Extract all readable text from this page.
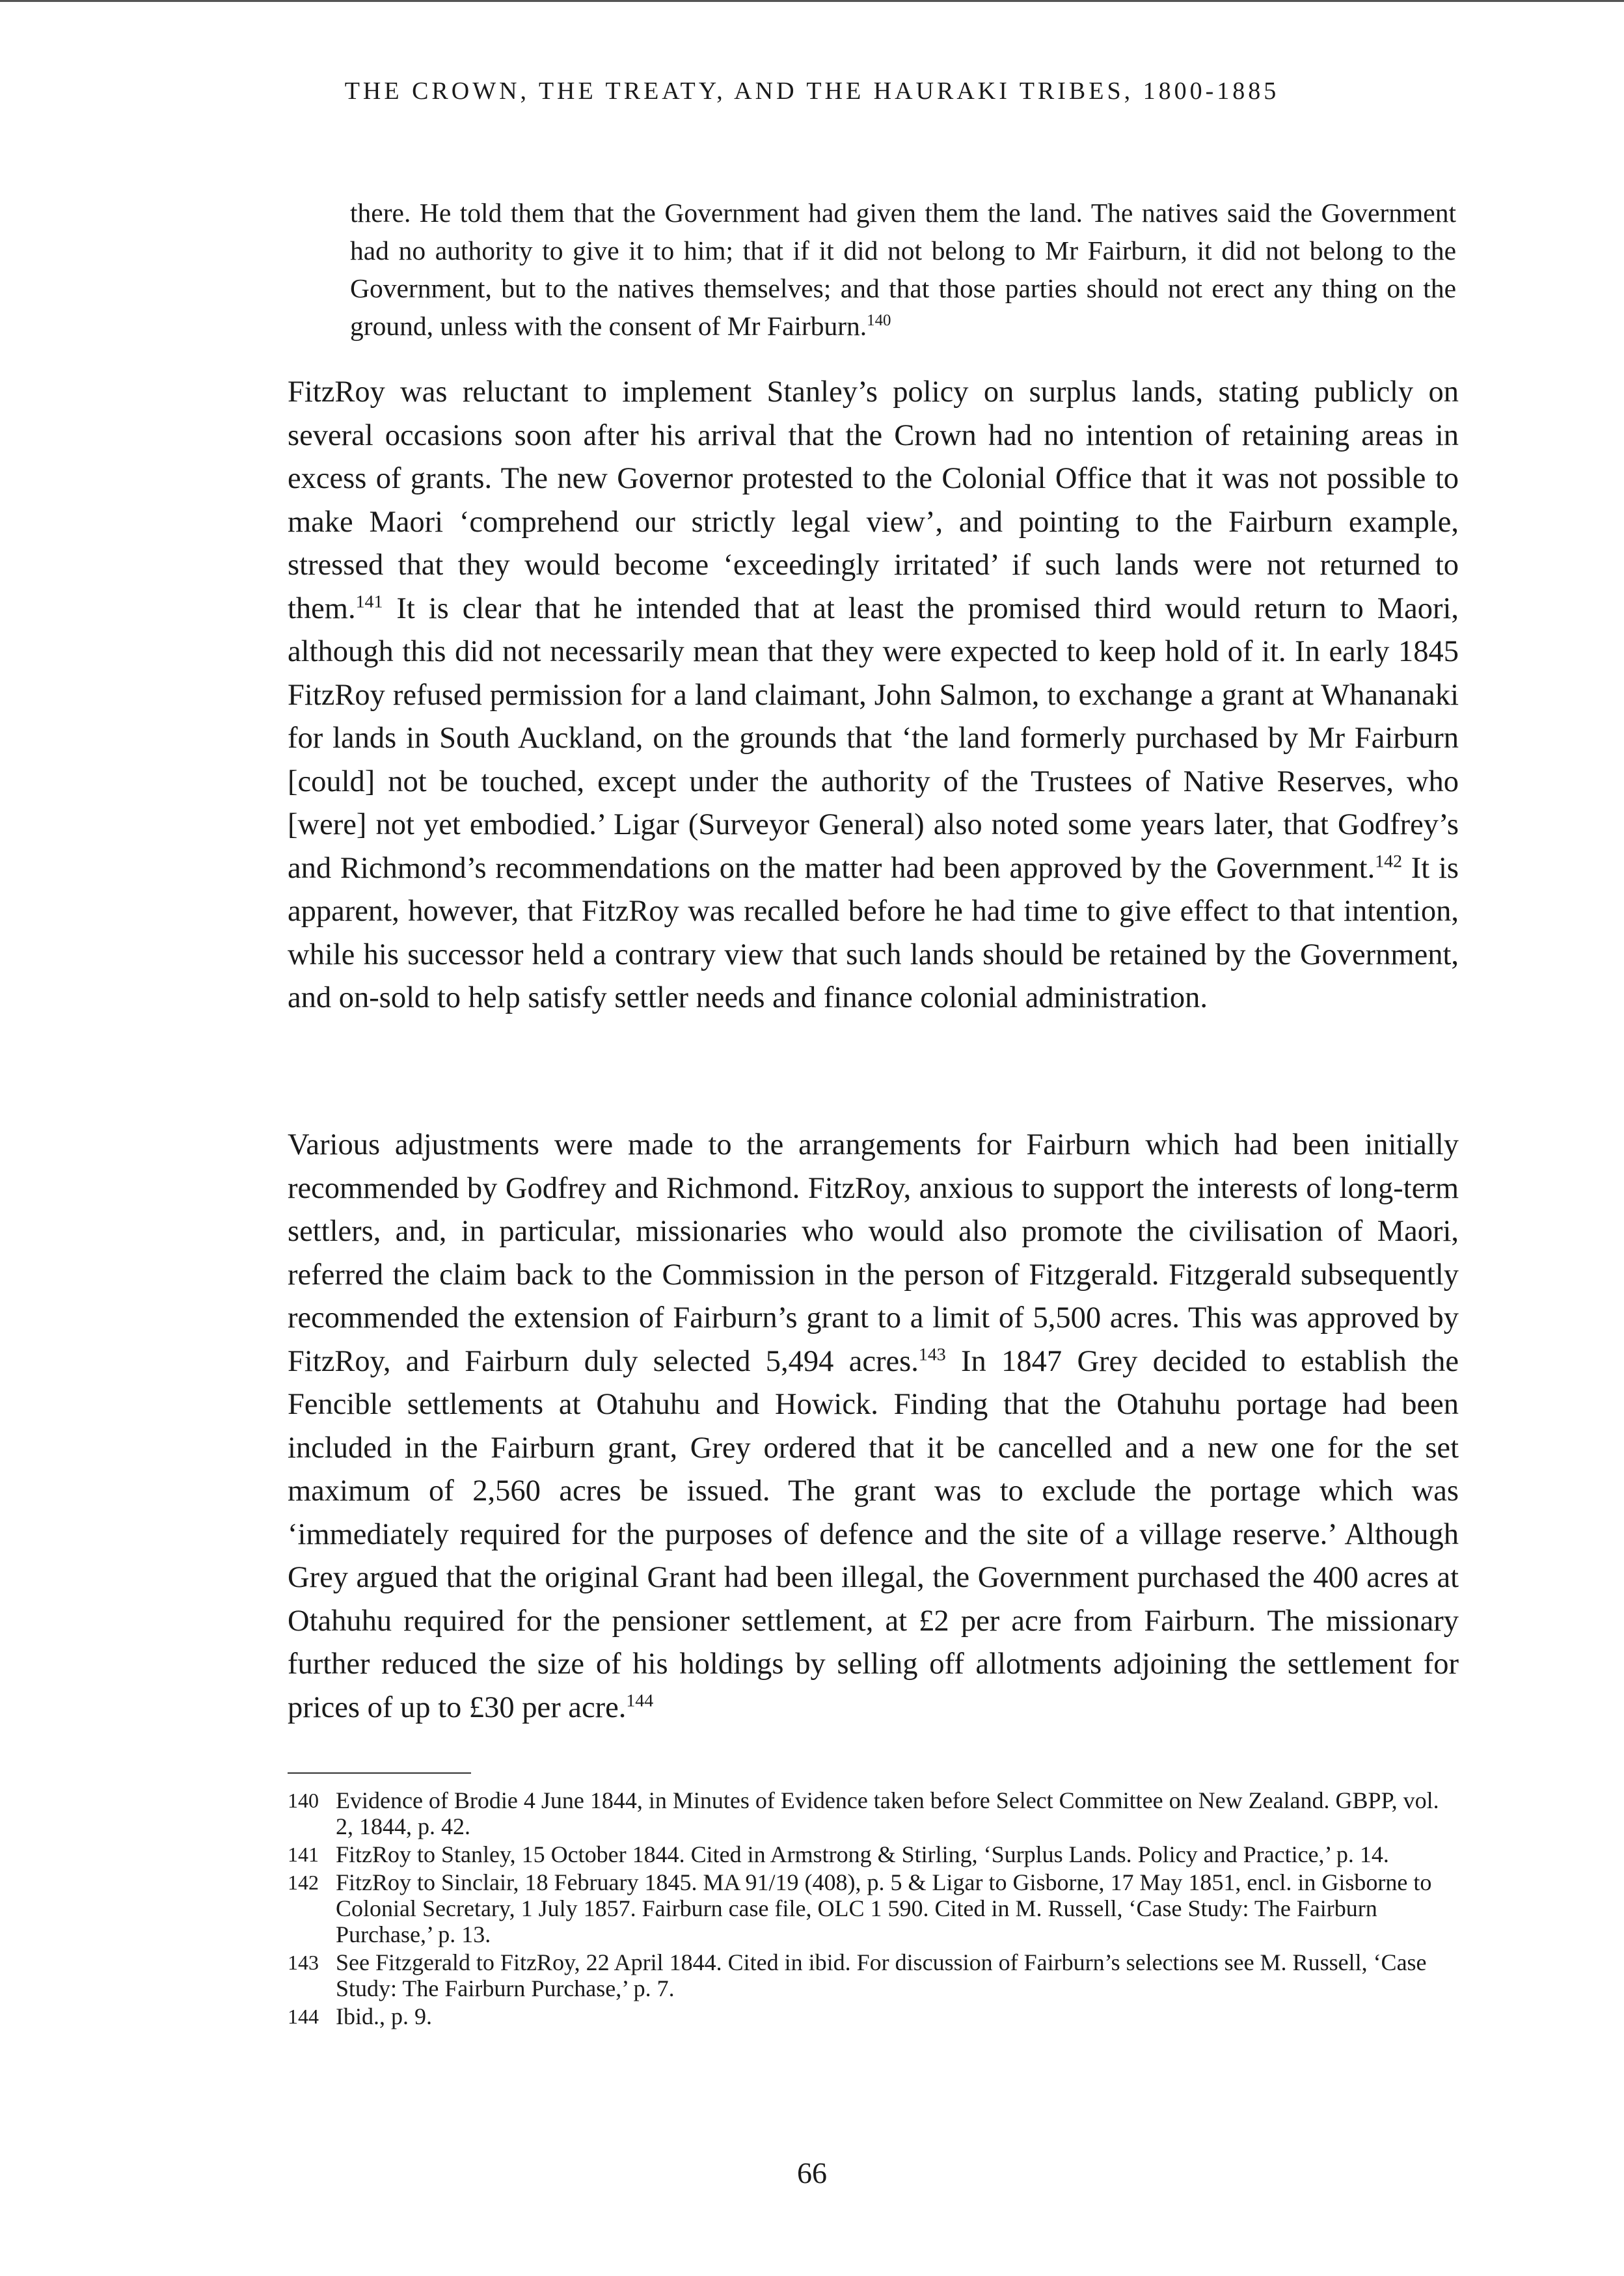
THE CROWN, THE TREATY, AND THE HAURAKI TRIBES, 1800-1885
there. He told them that the Government had given them the land. The natives said the Government had no authority to give it to him; that if it did not belong to Mr Fairburn, it did not belong to the Government, but to the natives themselves; and that those parties should not erect any thing on the ground, unless with the consent of Mr Fairburn.$^{140}$
FitzRoy was reluctant to implement Stanley’s policy on surplus lands, stating publicly on several occasions soon after his arrival that the Crown had no intention of retaining areas in excess of grants. The new Governor protested to the Colonial Office that it was not possible to make Maori ‘comprehend our strictly legal view’, and pointing to the Fairburn example, stressed that they would become ‘exceedingly irritated’ if such lands were not returned to them.$^{141}$ It is clear that he intended that at least the promised third would return to Maori, although this did not necessarily mean that they were expected to keep hold of it. In early 1845 FitzRoy refused permission for a land claimant, John Salmon, to exchange a grant at Whananaki for lands in South Auckland, on the grounds that ‘the land formerly purchased by Mr Fairburn [could] not be touched, except under the authority of the Trustees of Native Reserves, who [were] not yet embodied.’ Ligar (Surveyor General) also noted some years later, that Godfrey’s and Richmond’s recommendations on the matter had been approved by the Government.$^{142}$ It is apparent, however, that FitzRoy was recalled before he had time to give effect to that intention, while his successor held a contrary view that such lands should be retained by the Government, and on-sold to help satisfy settler needs and finance colonial administration.
Various adjustments were made to the arrangements for Fairburn which had been initially recommended by Godfrey and Richmond. FitzRoy, anxious to support the interests of long-term settlers, and, in particular, missionaries who would also promote the civilisation of Maori, referred the claim back to the Commission in the person of Fitzgerald. Fitzgerald subsequently recommended the extension of Fairburn’s grant to a limit of 5,500 acres. This was approved by FitzRoy, and Fairburn duly selected 5,494 acres.$^{143}$ In 1847 Grey decided to establish the Fencible settlements at Otahuhu and Howick. Finding that the Otahuhu portage had been included in the Fairburn grant, Grey ordered that it be cancelled and a new one for the set maximum of 2,560 acres be issued. The grant was to exclude the portage which was ‘immediately required for the purposes of defence and the site of a village reserve.’ Although Grey argued that the original Grant had been illegal, the Government purchased the 400 acres at Otahuhu required for the pensioner settlement, at £2 per acre from Fairburn. The missionary further reduced the size of his holdings by selling off allotments adjoining the settlement for prices of up to £30 per acre.$^{144}$
140 Evidence of Brodie 4 June 1844, in Minutes of Evidence taken before Select Committee on New Zealand. GBPP, vol. 2, 1844, p. 42.
141 FitzRoy to Stanley, 15 October 1844. Cited in Armstrong & Stirling, ‘Surplus Lands. Policy and Practice,’ p. 14.
142 FitzRoy to Sinclair, 18 February 1845. MA 91/19 (408), p. 5 & Ligar to Gisborne, 17 May 1851, encl. in Gisborne to Colonial Secretary, 1 July 1857. Fairburn case file, OLC 1 590. Cited in M. Russell, ‘Case Study: The Fairburn Purchase,’ p. 13.
143 See Fitzgerald to FitzRoy, 22 April 1844. Cited in ibid. For discussion of Fairburn’s selections see M. Russell, ‘Case Study: The Fairburn Purchase,’ p. 7.
144 Ibid., p. 9.
66
